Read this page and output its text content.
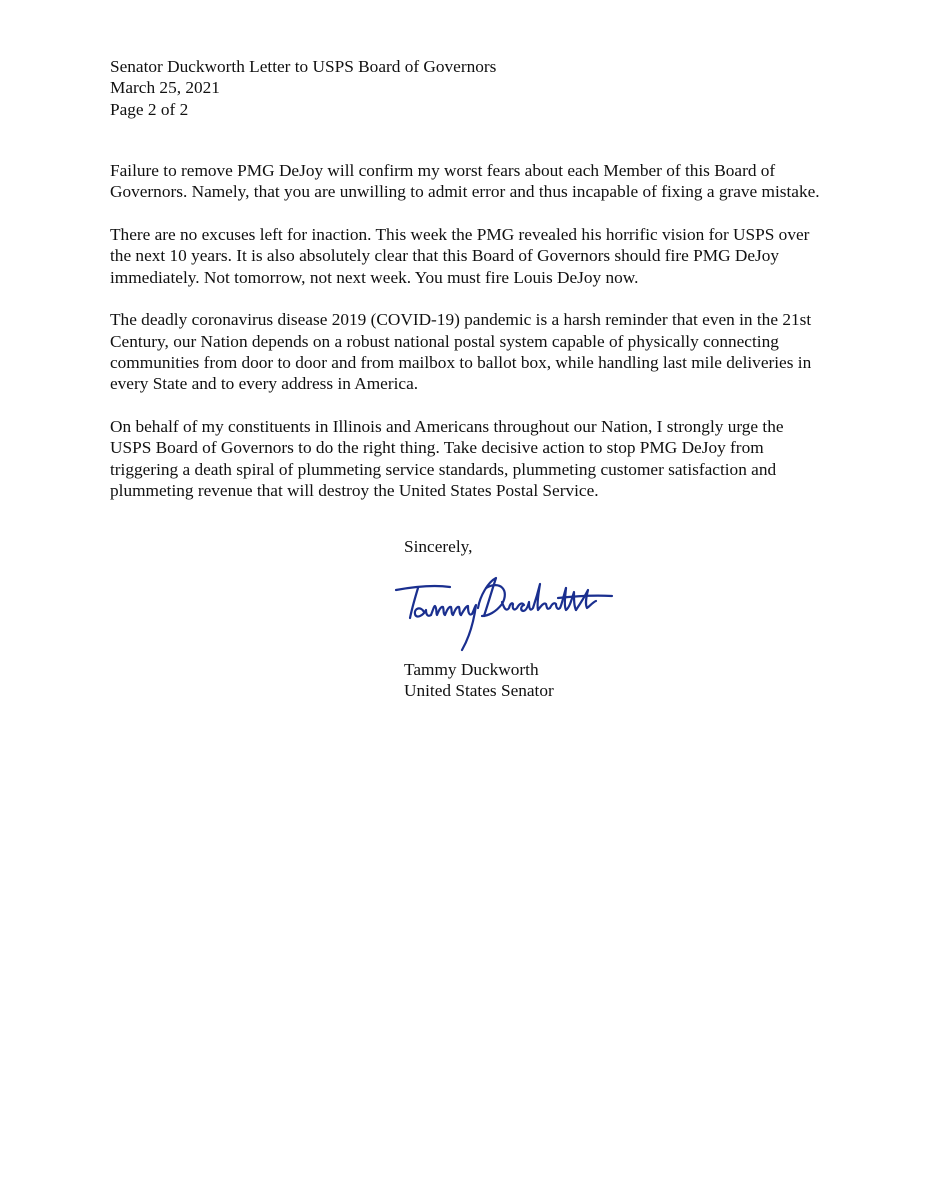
Senator Duckworth Letter to USPS Board of Governors
March 25, 2021
Page 2 of 2

Failure to remove PMG DeJoy will confirm my worst fears about each Member of this Board of Governors. Namely, that you are unwilling to admit error and thus incapable of fixing a grave mistake.

There are no excuses left for inaction. This week the PMG revealed his horrific vision for USPS over the next 10 years. It is also absolutely clear that this Board of Governors should fire PMG DeJoy immediately. Not tomorrow, not next week. You must fire Louis DeJoy now.

The deadly coronavirus disease 2019 (COVID-19) pandemic is a harsh reminder that even in the 21st Century, our Nation depends on a robust national postal system capable of physically connecting communities from door to door and from mailbox to ballot box, while handling last mile deliveries in every State and to every address in America.

On behalf of my constituents in Illinois and Americans throughout our Nation, I strongly urge the USPS Board of Governors to do the right thing. Take decisive action to stop PMG DeJoy from triggering a death spiral of plummeting service standards, plummeting customer satisfaction and plummeting revenue that will destroy the United States Postal Service.

Sincerely,
Tammy Duckworth
United States Senator
